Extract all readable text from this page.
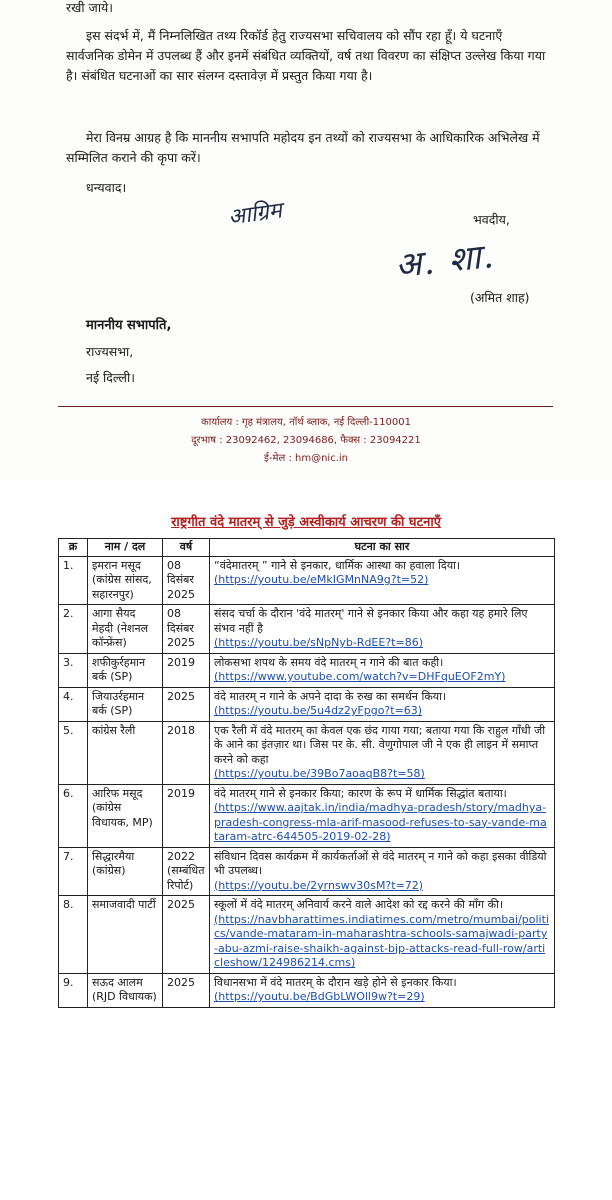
रखी जाये।

इस संदर्भ में, मैं निम्नलिखित तथ्य रिकॉर्ड हेतु राज्यसभा सचिवालय को सौंप रहा हूँ। ये घटनाएँ सार्वजनिक डोमेन में उपलब्ध हैं और इनमें संबंधित व्यक्तियों, वर्ष तथा विवरण का संक्षिप्त उल्लेख किया गया है। संबंधित घटनाओं का सार संलग्न दस्तावेज़ में प्रस्तुत किया गया है।

मेरा विनम्र आग्रह है कि माननीय सभापति महोदय इन तथ्यों को राज्यसभा के आधिकारिक अभिलेख में सम्मिलित कराने की कृपा करें।

धन्यवाद।

आग्रिम	भवदीय,

अ. शा.

(अमित शाह)

माननीय सभापति,

राज्यसभा,

नई दिल्ली।

कार्यालय : गृह मंत्रालय, नॉर्थ ब्लाक, नई दिल्ली-110001
दूरभाष : 23092462, 23094686, फैक्स : 23094221
ई-मेल : hm@nic.in
राष्ट्रगीत वंदे मातरम् से जुड़े अस्वीकार्य आचरण की घटनाएँ
क्र	नाम / दल	वर्ष	घटना का सार
1.	इमरान मसूद (कांग्रेस सांसद, सहारनपुर)	08 दिसंबर 2025	“वंदेमातरम् ” गाने से इनकार, धार्मिक आस्था का हवाला दिया।
(https://youtu.be/eMkIGMnNA9g?t=52)
2.	आगा सैयद मेहदी (नेशनल कॉन्फ्रेंस)	08 दिसंबर 2025	संसद चर्चा के दौरान 'वंदे मातरम्' गाने से इनकार किया और कहा यह हमारे लिए संभव नहीं है
(https://youtu.be/sNpNyb-RdEE?t=86)
3.	शफीकुर्रहमान बर्क (SP)	2019	लोकसभा शपथ के समय वंदे मातरम् न गाने की बात कही।
(https://www.youtube.com/watch?v=DHFquEOF2mY)
4.	जियाउर्रहमान बर्क (SP)	2025	वंदे मातरम् न गाने के अपने दादा के रुख का समर्थन किया।
(https://youtu.be/5u4dz2yFpgo?t=63)
5.	कांग्रेस रैली	2018	एक रैली में वंदे मातरम् का केवल एक छंद गाया गया; बताया गया कि राहुल गाँधी जी के आने का इंतज़ार था। जिस पर के. सी. वेणुगोपाल जी ने एक ही लाइन में समाप्त करने को कहा
(https://youtu.be/39Bo7aoaqB8?t=58)
6.	आरिफ मसूद (कांग्रेस विधायक, MP)	2019	वंदे मातरम् गाने से इनकार किया; कारण के रूप में धार्मिक सिद्धांत बताया।
(https://www.aajtak.in/india/madhya-pradesh/story/madhya-pradesh-congress-mla-arif-masood-refuses-to-say-vande-mataram-atrc-644505-2019-02-28)
7.	सिद्धारमैया (कांग्रेस)	2022 (सम्बंधित रिपोर्ट)	संविधान दिवस कार्यक्रम में कार्यकर्ताओं से वंदे मातरम् न गाने को कहा इसका वीडियो भी उपलब्ध।
(https://youtu.be/2yrnswv30sM?t=72)
8.	समाजवादी पार्टी	2025	स्कूलों में वंदे मातरम् अनिवार्य करने वाले आदेश को रद्द करने की माँग की।
(https://navbharattimes.indiatimes.com/metro/mumbai/politics/vande-mataram-in-maharashtra-schools-samajwadi-party-abu-azmi-raise-shaikh-against-bjp-attacks-read-full-row/articleshow/124986214.cms)
9.	सऊद आलम (RJD विधायक)	2025	विधानसभा में वंदे मातरम् के दौरान खड़े होने से इनकार किया।
(https://youtu.be/BdGbLWOll9w?t=29)
